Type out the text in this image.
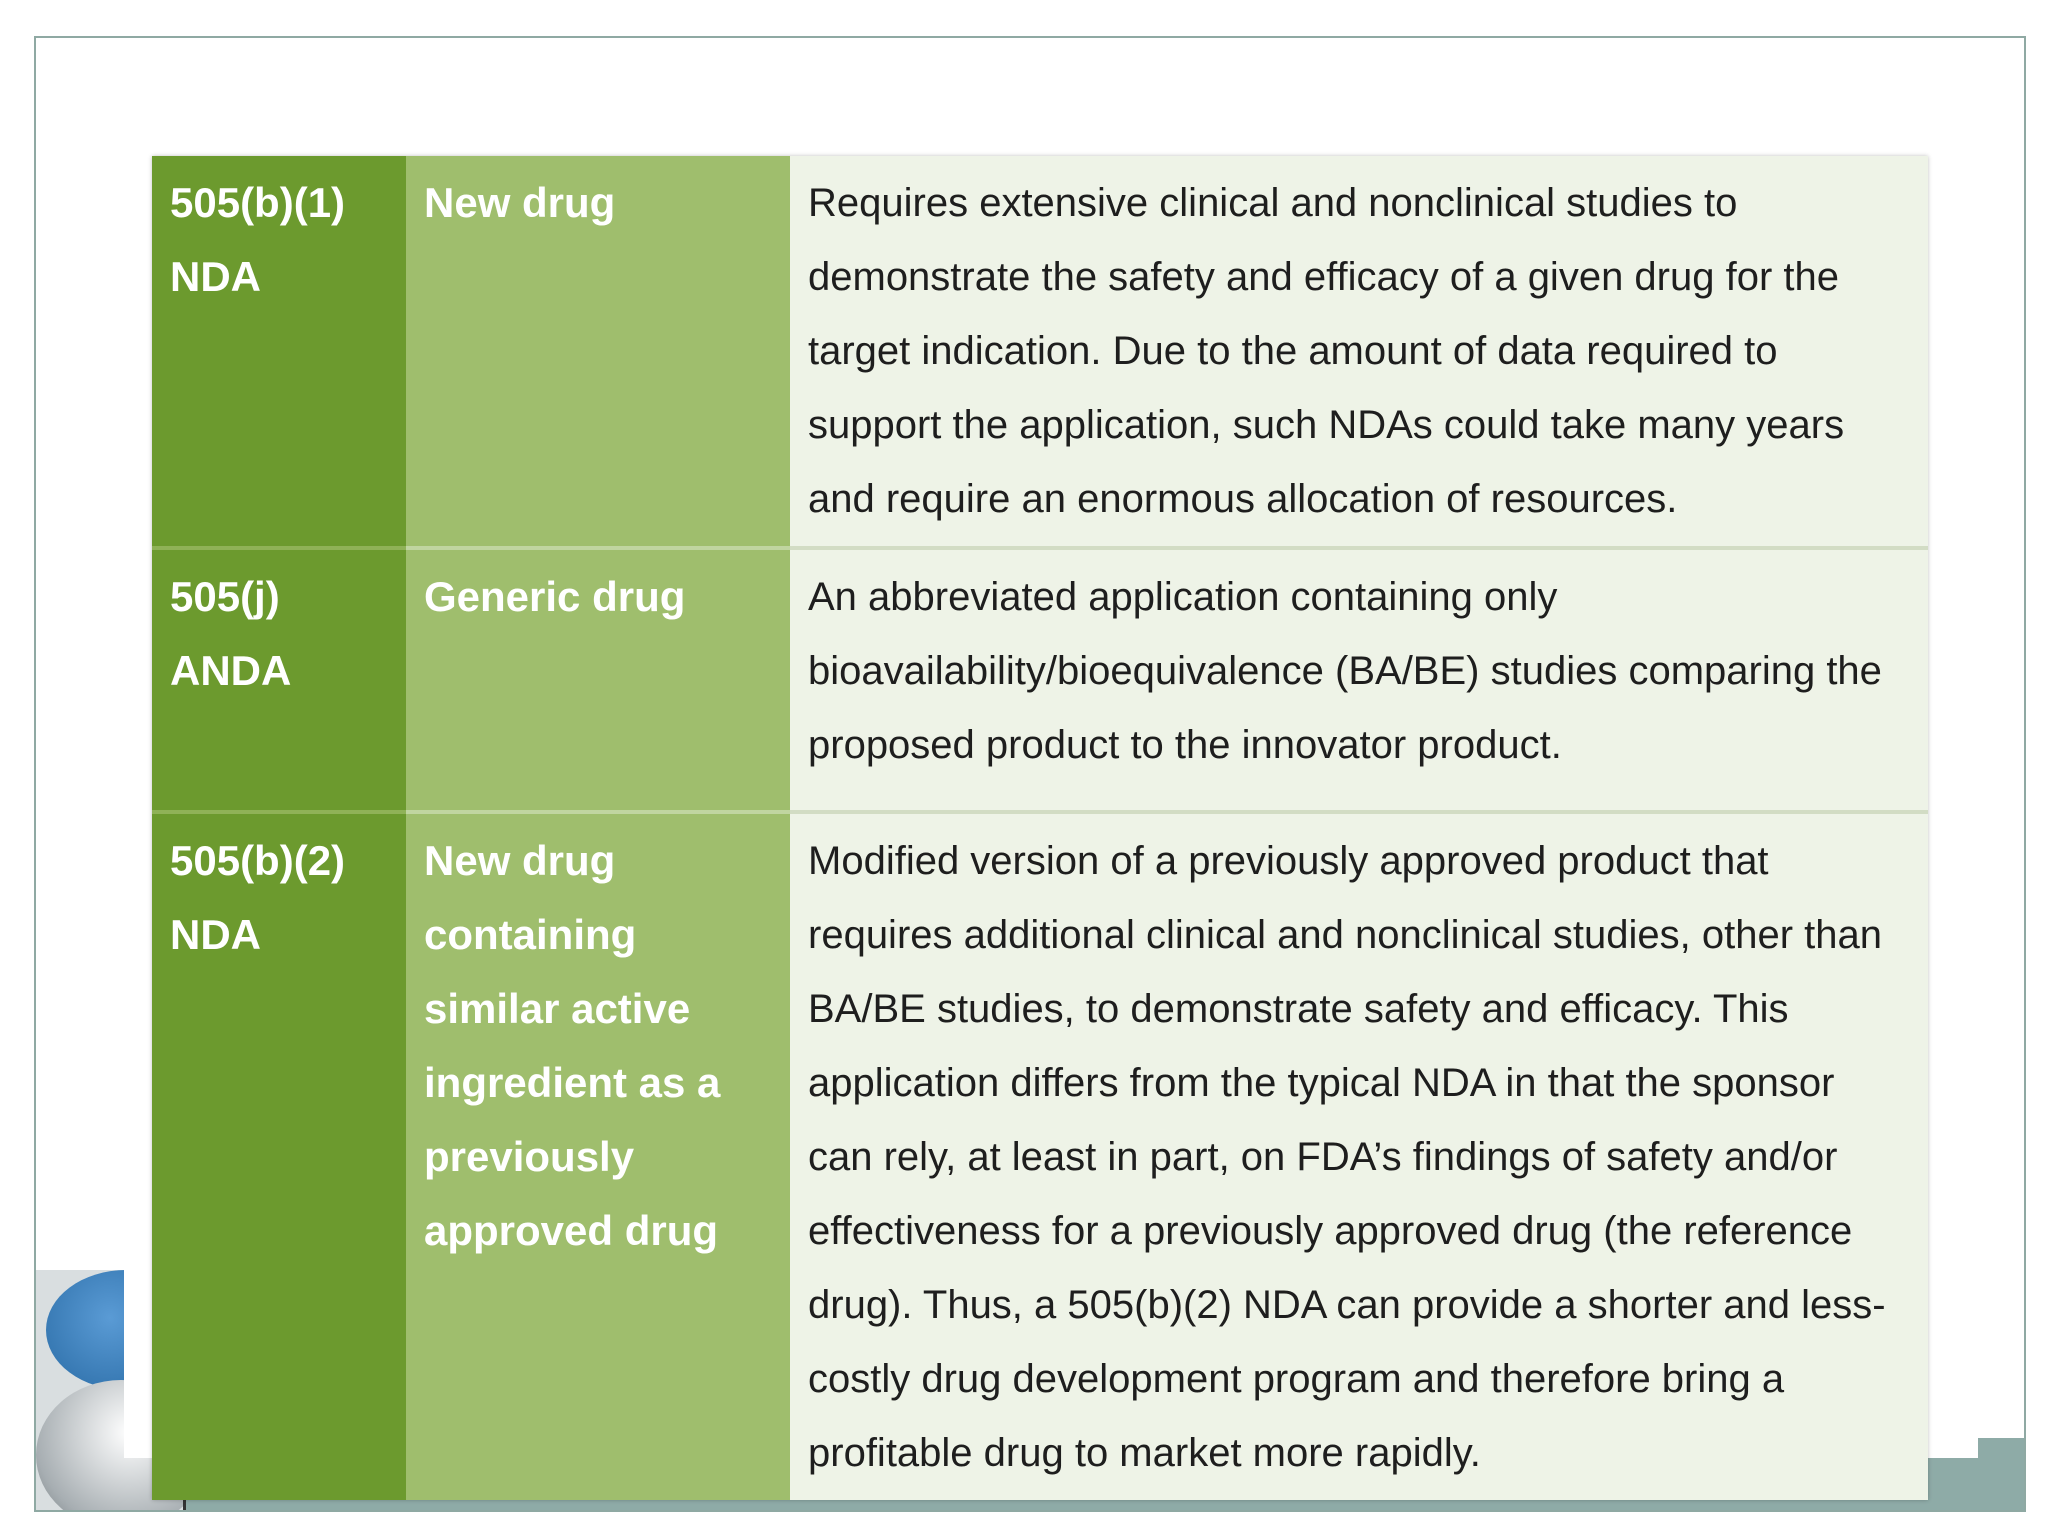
505(b)(1) NDA	New drug	Requires extensive clinical and nonclinical studies to demonstrate the safety and efficacy of a given drug for the target indication. Due to the amount of data required to support the application, such NDAs could take many years and require an enormous allocation of resources.
505(j) ANDA	Generic drug	An abbreviated application containing only bioavailability/bioequivalence (BA/BE) studies comparing the proposed product to the innovator product.
505(b)(2) NDA	New drug containing similar active ingredient as a previously approved drug	Modified version of a previously approved product that requires additional clinical and nonclinical studies, other than BA/BE studies, to demonstrate safety and efficacy. This application differs from the typical NDA in that the sponsor can rely, at least in part, on FDA’s findings of safety and/or effectiveness for a previously approved drug (the reference drug). Thus, a 505(b)(2) NDA can provide a shorter and less-costly drug development program and therefore bring a profitable drug to market more rapidly.
